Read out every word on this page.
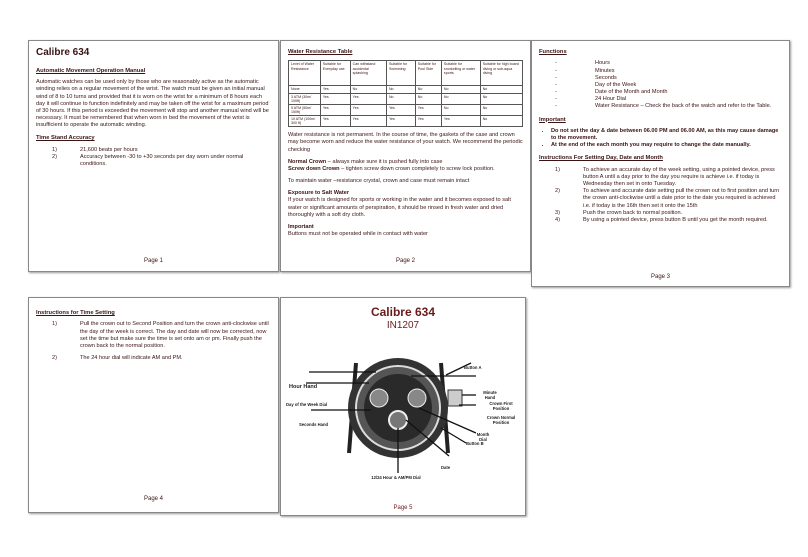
Calibre 634
Automatic Movement Operation Manual

Automatic watches can be used only by those who are reasonably active as the automatic winding relies on a regular movement of the wrist. The watch must be given an initial manual wind of 8 to 10 turns and provided that it is worn on the wrist for a minimum of 8 hours each day it will continue to function indefinitely and may be taken off the wrist for a maximum period of 30 hours. If this period is exceeded the movement will stop and another manual wind will be necessary. It must be remembered that when worn in bed the movement of the wrist is insufficient to operate the automatic winding.

Time Stand Accuracy
1)	21,600 beats per hours
2)	Accuracy between -30 to +30 seconds per day worn under normal conditions.
Page 1
Water Resistance Table
Level of Water Resistance	Suitable for Everyday use	Can withstand accidental splashing	Suitable for Swimming	Suitable for Pool Side	Suitable for snorkelling or water sports	Suitable for high board diving or sub-aqua diving
None	Yes	No	No	No	No	No
3 ATM (30m/ 100ft)	Yes	Yes	No	No	No	No
5 ATM (50m/ 150ft)	Yes	Yes	Yes	Yes	No	No
10 ATM (100m/ 300 ft)	Yes	Yes	Yes	Yes	Yes	No

Water resistance is not permanent. In the course of time, the gaskets of the case and crown may become worn and reduce the water resistance of your watch. We recommend the periodic checking

Normal Crown – always make sure it is pushed fully into case

Screw down Crown – tighten screw down crown completely to screw lock position.

To maintain water –resistance crystal, crown and case must remain intact

Exposure to Salt Water

If your watch is designed for sports or working in the water and it becomes exposed to salt water or significant amounts of perspiration, it should be rinsed in fresh water and dried thoroughly with a soft dry cloth.

Important

Buttons must not be operated while in contact with water

Page 2
Functions
-	Hours
-	Minutes
-	Seconds
-	Day of the Week
-	Date of the Month and Month
-	24 Hour Dial
-	Water Resistance – Check the back of the watch and refer to the Table.
Important
• Do not set the day & date between 06.00 PM and 06.00 AM, as this may cause damage to the movement.
• At the end of the each month you may require to change the date manually.
Instructions For Setting Day, Date and Month
1)	To achieve an accurate day of the week setting, using a pointed device, press button A until a day prior to the day you require is achieve i.e. if today is Wednesday then set in onto Tuesday.
2)	To achieve and accurate date setting pull the crown out to first position and turn the crown anti-clockwise until a date prior to the date you required is achieved i.e. if today is the 16th then set it onto the 15th
3)	Push the crown back to normal position.
4)	By using a pointed device, press button B until you get the month required.
Page 3
Instructions for Time Setting
1)	Pull the crown out to Second Position and turn the crown anti-clockwise until the day of the week is correct. The day and date will now be corrected, now set the time but make sure the time is set onto am or pm. Finally push the crown back to the normal position.
2)	The 24 hour dial will indicate AM and PM.
Page 4
Calibre 634
IN1207
Hour Hand
Day of the Week Dial
Seconds Hand
12/24 Hour & AM/PM Dial
Button A
Minute Hand
Crown First Position
Crown Normal Position
Month Dial
Button B
Date
Page 5
